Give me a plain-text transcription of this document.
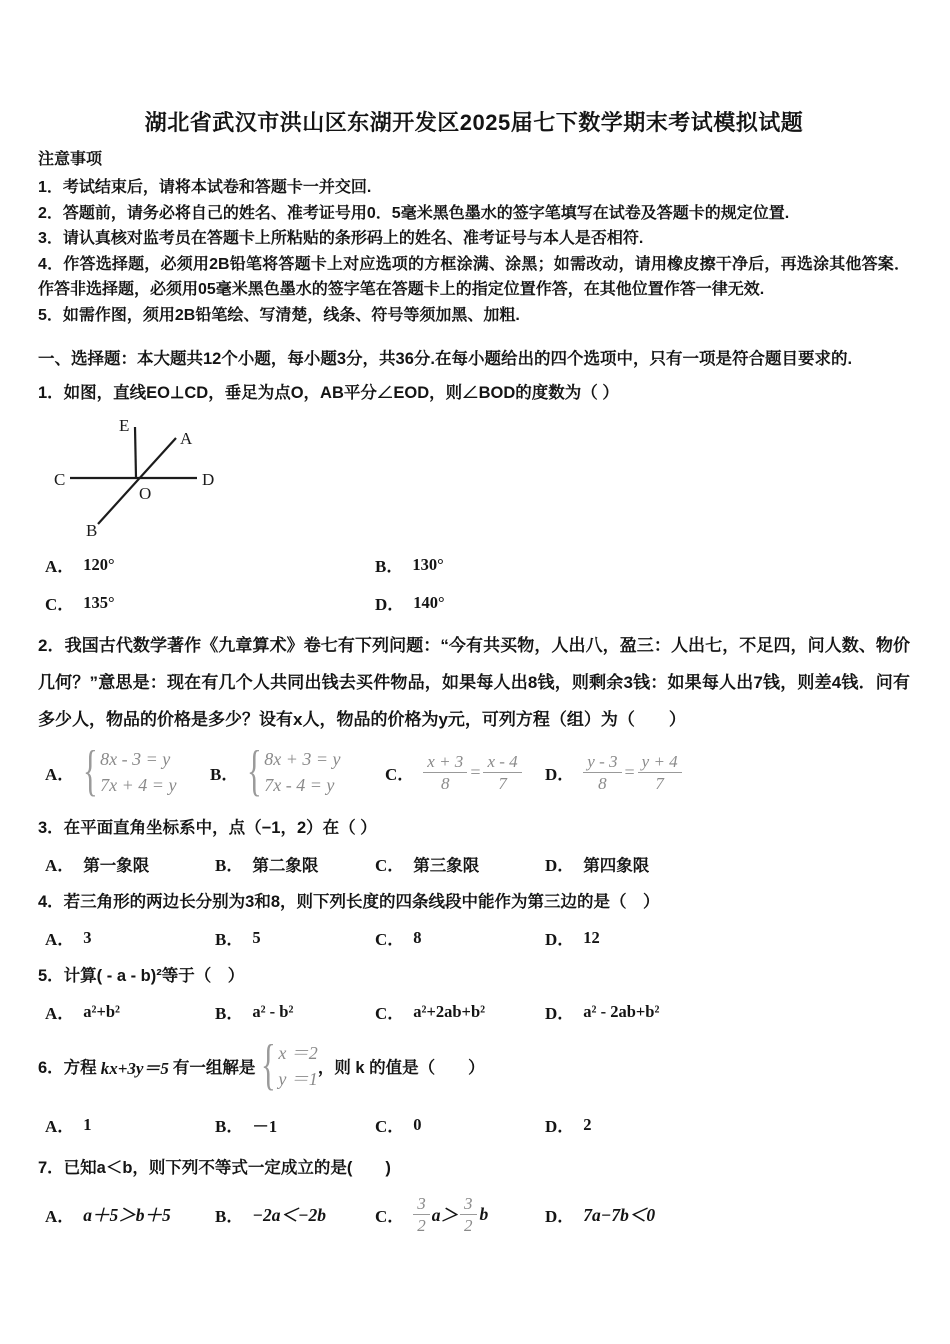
湖北省武汉市洪山区东湖开发区2025届七下数学期末考试模拟试题

注意事项

1．考试结束后，请将本试卷和答题卡一并交回.

2．答题前，请务必将自己的姓名、准考证号用0．5毫米黑色墨水的签字笔填写在试卷及答题卡的规定位置.

3．请认真核对监考员在答题卡上所粘贴的条形码上的姓名、准考证号与本人是否相符.

4．作答选择题，必须用2B铅笔将答题卡上对应选项的方框涂满、涂黑；如需改动，请用橡皮擦干净后，再选涂其他答案．作答非选择题，必须用05毫米黑色墨水的签字笔在答题卡上的指定位置作答，在其他位置作答一律无效.

5．如需作图，须用2B铅笔绘、写清楚，线条、符号等须加黑、加粗.

一、选择题：本大题共12个小题，每小题3分，共36分.在每小题给出的四个选项中，只有一项是符合题目要求的.

1．如图，直线EO⊥CD，垂足为点O，AB平分∠EOD，则∠BOD的度数为（ ）

E
A
C	D
O
B
A． 120°	B． 130°
C． 135°	D． 140°

2．我国古代数学著作《九章算术》卷七有下列问题：“今有共买物，人出八，盈三：人出七，不足四，问人数、物价几何？”意思是：现在有几个人共同出钱去买件物品，如果每人出8钱，则剩余3钱：如果每人出7钱，则差4钱．问有多少人，物品的价格是多少？设有x人，物品的价格为y元，可列方程（组）为（　　）

A． { 8x - 3 = y
7x + 4 = y
B． { 8x + 3 = y
7x - 4 = y
C． $\frac{x + 3}{8} = \frac{x - 4}{7}$ D． $\frac{y - 3}{8} = \frac{y + 4}{7}$

3．在平面直角坐标系中，点（−1，2）在（ ）

A． 第一象限	B． 第二象限	C． 第三象限	D． 第四象限

4．若三角形的两边长分别为3和8，则下列长度的四条线段中能作为第三边的是（　）

A． 3	B． 5	C． 8	D． 12

5．计算( - a - b)²等于（　）

A． a²+b²	B． a² - b²	C． a²+2ab+b²	D． a² - 2ab+b²
6．方程 kx+3y＝5 有一组解是 { x ＝2
y ＝1
，则 k 的值是（　　）
A． 1	B． －1	C． 0	D． 2

7．已知a＜b，则下列不等式一定成立的是(　　)

A． a＋5＞b＋5	B． −2a＜−2b	C． $\frac{3}{2} a> \frac{3}{2}$ b	D． 7a−7b＜0
